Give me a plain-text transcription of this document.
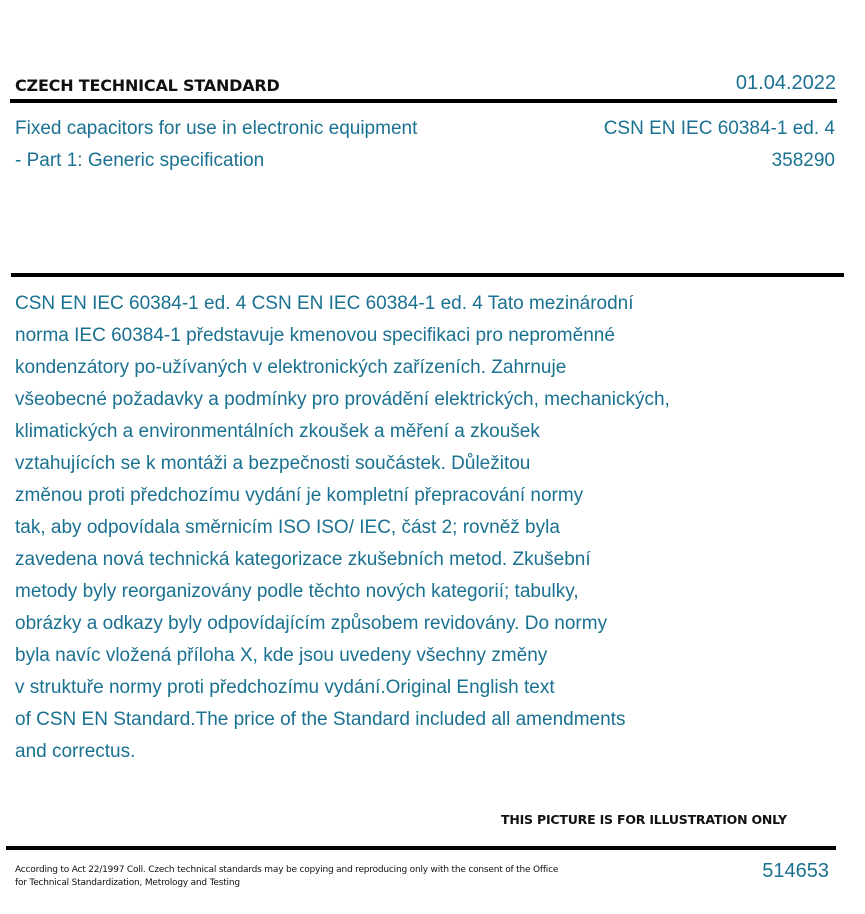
CZECH TECHNICAL STANDARD	01.04.2022
Fixed capacitors for use in electronic equipment
- Part 1: Generic specification
CSN EN IEC 60384-1 ed. 4
358290
CSN EN IEC 60384-1 ed. 4 CSN EN IEC 60384-1 ed. 4 Tato mezinárodní
norma IEC 60384-1 představuje kmenovou specifikaci pro neproměnné
kondenzátory po-užívaných v elektronických zařízeních. Zahrnuje
všeobecné požadavky a podmínky pro provádění elektrických, mechanických,
klimatických a environmentálních zkoušek a měření a zkoušek
vztahujících se k montáži a bezpečnosti součástek. Důležitou
změnou proti předchozímu vydání je kompletní přepracování normy
tak, aby odpovídala směrnicím ISO ISO/ IEC, část 2; rovněž byla
zavedena nová technická kategorizace zkušebních metod. Zkušební
metody byly reorganizovány podle těchto nových kategorií; tabulky,
obrázky a odkazy byly odpovídajícím způsobem revidovány. Do normy
byla navíc vložená příloha X, kde jsou uvedeny všechny změny
v struktuře normy proti předchozímu vydání.Original English text
of CSN EN Standard.The price of the Standard included all amendments
and correctus.
THIS PICTURE IS FOR ILLUSTRATION ONLY
According to Act 22/1997 Coll. Czech technical standards may be copying and reproducing only with the consent of the Office
for Technical Standardization, Metrology and Testing
514653
